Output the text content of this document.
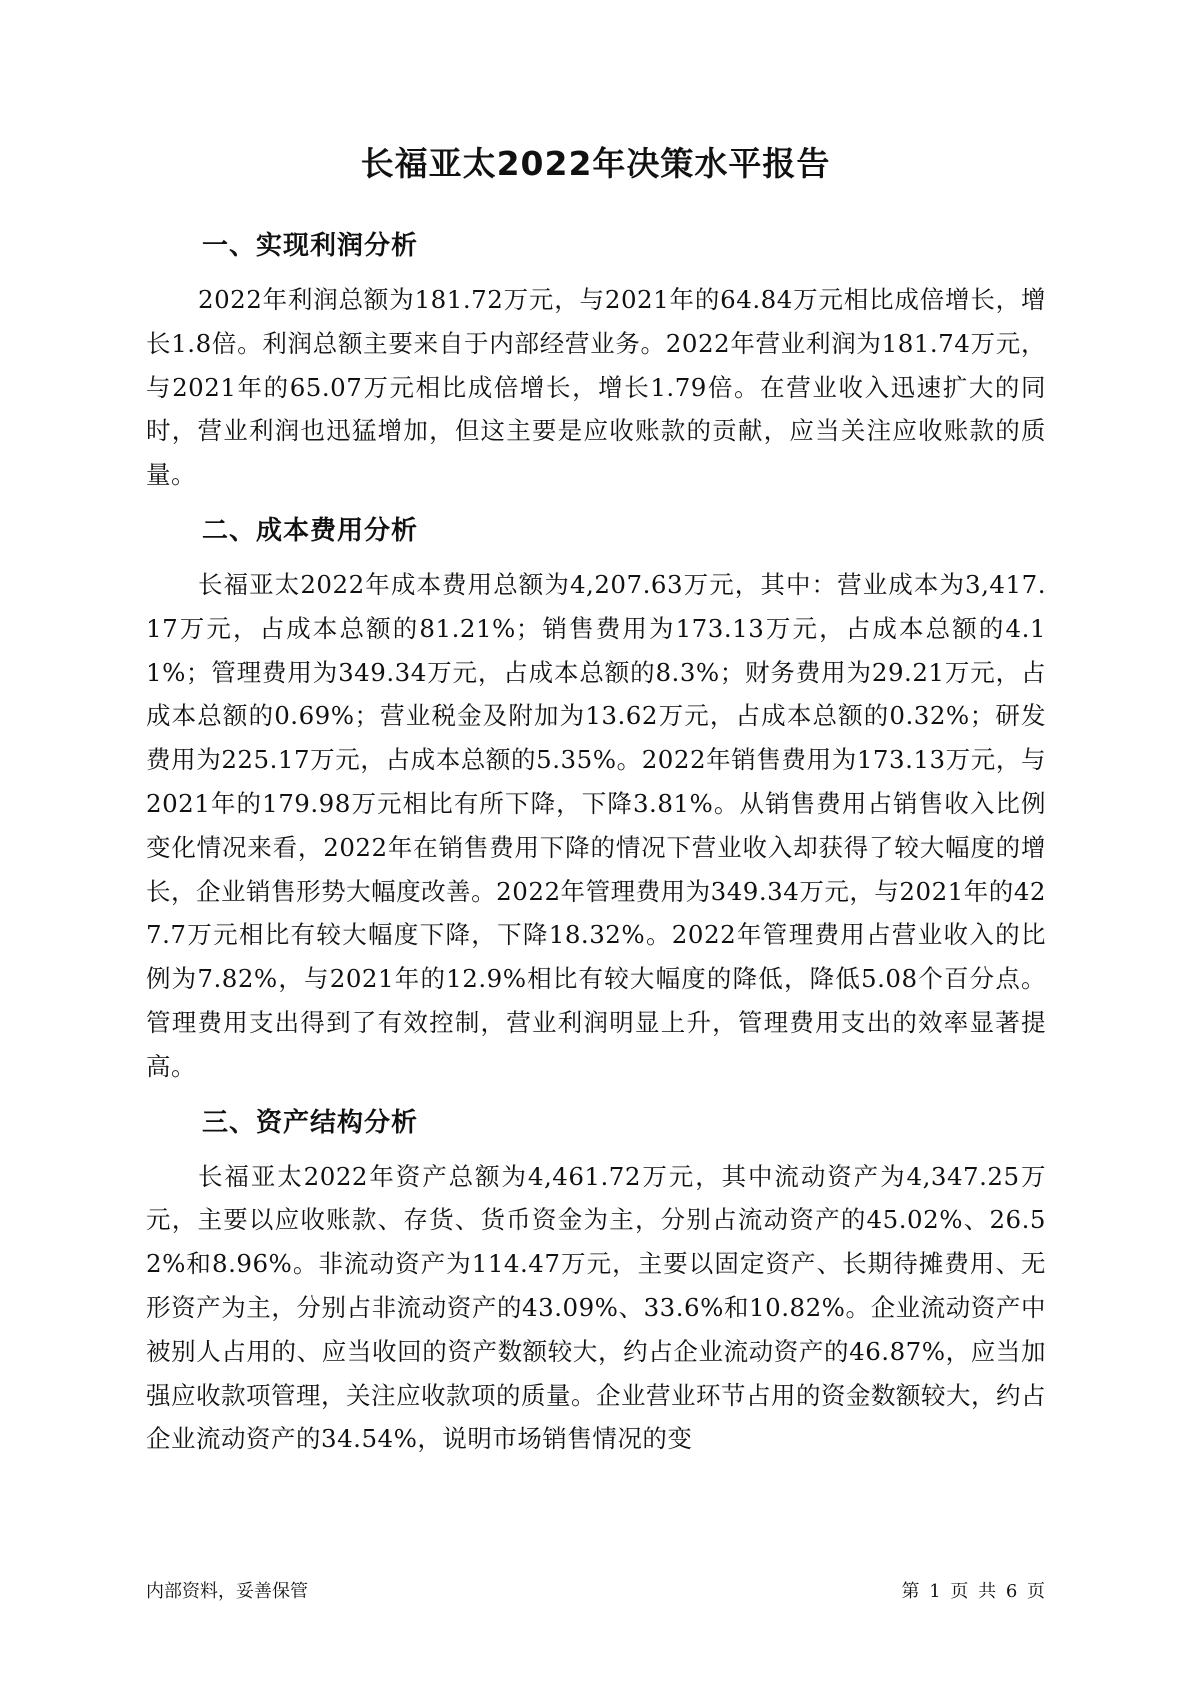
长福亚太2022年决策水平报告
一、实现利润分析

2022年利润总额为181.72万元，与2021年的64.84万元相比成倍增长，增长1.8倍。利润总额主要来自于内部经营业务。2022年营业利润为181.74万元，与2021年的65.07万元相比成倍增长，增长1.79倍。在营业收入迅速扩大的同时，营业利润也迅猛增加，但这主要是应收账款的贡献，应当关注应收账款的质量。

二、成本费用分析

长福亚太2022年成本费用总额为4,207.63万元，其中：营业成本为3,417.17万元，占成本总额的81.21%；销售费用为173.13万元，占成本总额的4.11%；管理费用为349.34万元，占成本总额的8.3%；财务费用为29.21万元，占成本总额的0.69%；营业税金及附加为13.62万元，占成本总额的0.32%；研发费用为225.17万元，占成本总额的5.35%。2022年销售费用为173.13万元，与2021年的179.98万元相比有所下降，下降3.81%。从销售费用占销售收入比例变化情况来看，2022年在销售费用下降的情况下营业收入却获得了较大幅度的增长，企业销售形势大幅度改善。2022年管理费用为349.34万元，与2021年的427.7万元相比有较大幅度下降，下降18.32%。2022年管理费用占营业收入的比例为7.82%，与2021年的12.9%相比有较大幅度的降低，降低5.08个百分点。管理费用支出得到了有效控制，营业利润明显上升，管理费用支出的效率显著提高。

三、资产结构分析

长福亚太2022年资产总额为4,461.72万元，其中流动资产为4,347.25万元，主要以应收账款、存货、货币资金为主，分别占流动资产的45.02%、26.52%和8.96%。非流动资产为114.47万元，主要以固定资产、长期待摊费用、无形资产为主，分别占非流动资产的43.09%、33.6%和10.82%。企业流动资产中被别人占用的、应当收回的资产数额较大，约占企业流动资产的46.87%，应当加强应收款项管理，关注应收款项的质量。企业营业环节占用的资金数额较大，约占企业流动资产的34.54%，说明市场销售情况的变

内部资料，妥善保管	第 1 页 共 6 页
